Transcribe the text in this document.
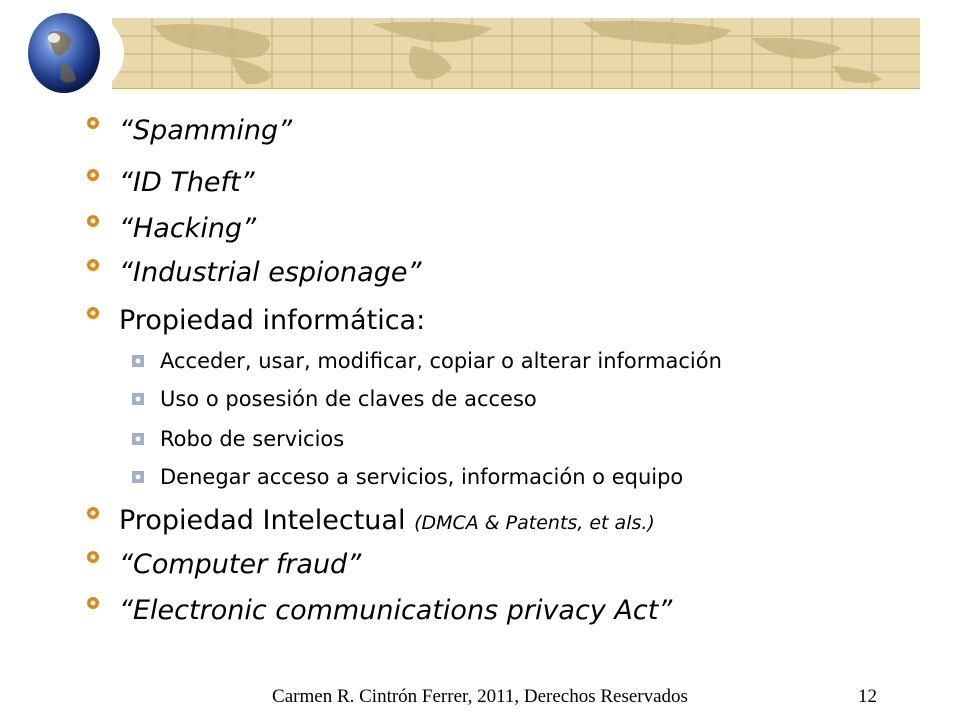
“Spamming”
“ID Theft”
“Hacking”
“Industrial espionage”
Propiedad informática:
Acceder, usar, modificar, copiar o alterar información
Uso o posesión de claves de acceso
Robo de servicios
Denegar acceso a servicios, información o equipo
Propiedad Intelectual (DMCA & Patents, et als.)
“Computer fraud”
“Electronic communications privacy Act”
Carmen R. Cintrón Ferrer, 2011, Derechos Reservados	12
